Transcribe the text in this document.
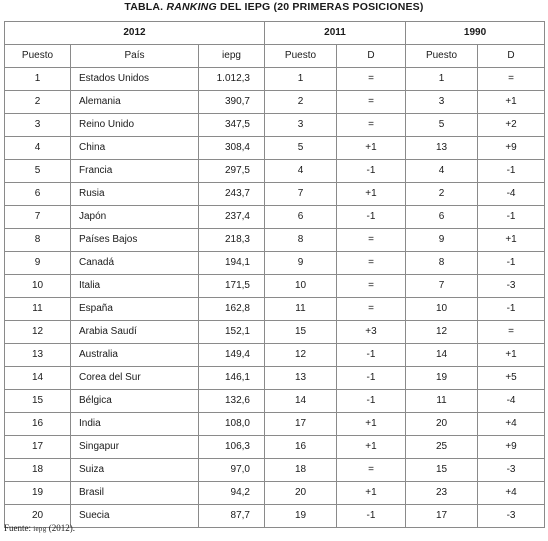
TABLA. RANKING DEL IEPG (20 PRIMERAS POSICIONES)
2012			2011		1990	
Puesto	País	iepg	Puesto	D	Puesto	D
1	Estados Unidos	1.012,3	1	=	1	=
2	Alemania	390,7	2	=	3	+1
3	Reino Unido	347,5	3	=	5	+2
4	China	308,4	5	+1	13	+9
5	Francia	297,5	4	-1	4	-1
6	Rusia	243,7	7	+1	2	-4
7	Japón	237,4	6	-1	6	-1
8	Países Bajos	218,3	8	=	9	+1
9	Canadá	194,1	9	=	8	-1
10	Italia	171,5	10	=	7	-3
11	España	162,8	11	=	10	-1
12	Arabia Saudí	152,1	15	+3	12	=
13	Australia	149,4	12	-1	14	+1
14	Corea del Sur	146,1	13	-1	19	+5
15	Bélgica	132,6	14	-1	11	-4
16	India	108,0	17	+1	20	+4
17	Singapur	106,3	16	+1	25	+9
18	Suiza	97,0	18	=	15	-3
19	Brasil	94,2	20	+1	23	+4
20	Suecia	87,7	19	-1	17	-3
Fuente: iepg (2012).
